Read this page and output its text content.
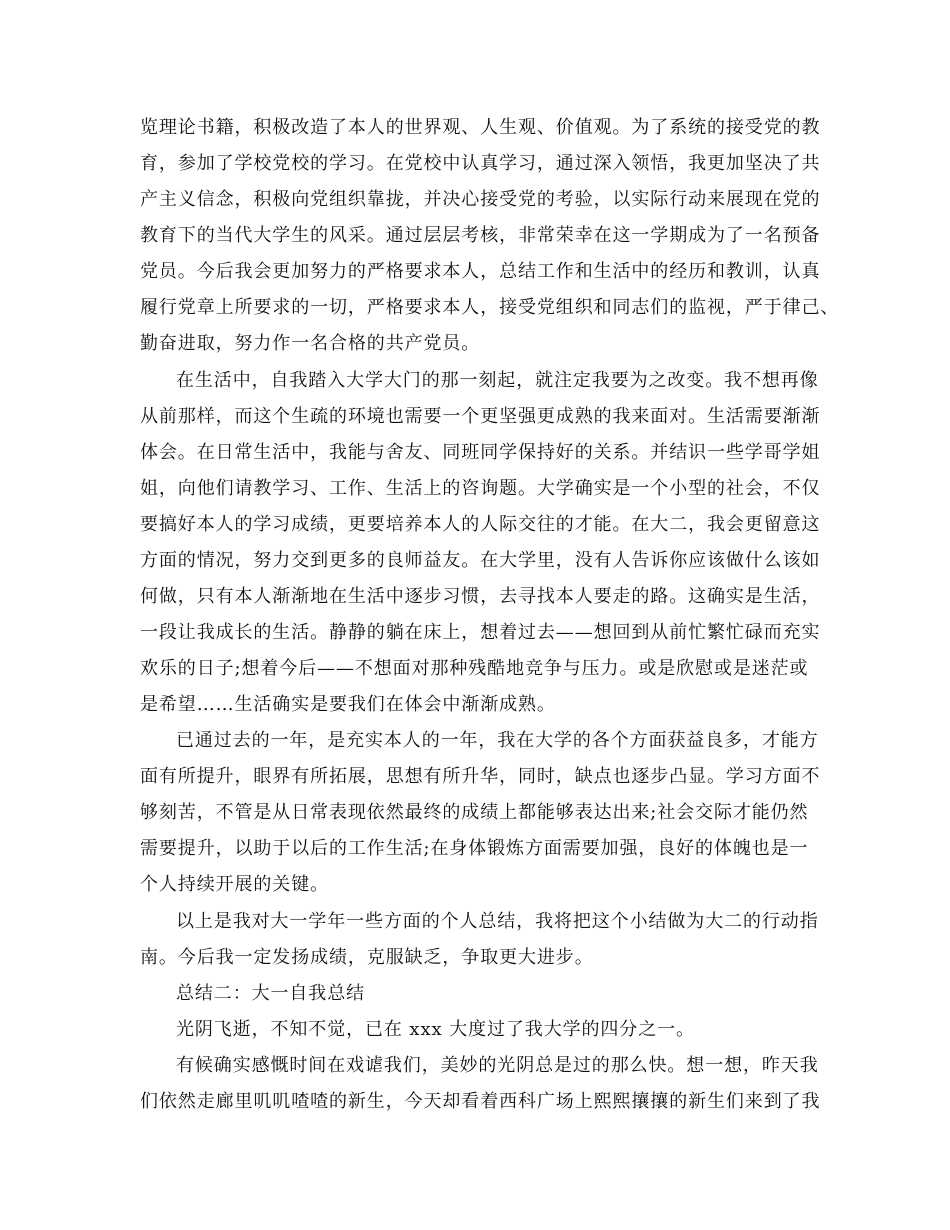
览理论书籍，积极改造了本人的世界观、人生观、价值观。为了系统的接受党的教
育，参加了学校党校的学习。在党校中认真学习，通过深入领悟，我更加坚决了共
产主义信念，积极向党组织靠拢，并决心接受党的考验，以实际行动来展现在党的
教育下的当代大学生的风采。通过层层考核，非常荣幸在这一学期成为了一名预备
党员。今后我会更加努力的严格要求本人，总结工作和生活中的经历和教训，认真
履行党章上所要求的一切，严格要求本人，接受党组织和同志们的监视，严于律己、
勤奋进取，努力作一名合格的共产党员。
在生活中，自我踏入大学大门的那一刻起，就注定我要为之改变。我不想再像
从前那样，而这个生疏的环境也需要一个更坚强更成熟的我来面对。生活需要渐渐
体会。在日常生活中，我能与舍友、同班同学保持好的关系。并结识一些学哥学姐
姐，向他们请教学习、工作、生活上的咨询题。大学确实是一个小型的社会，不仅
要搞好本人的学习成绩，更要培养本人的人际交往的才能。在大二，我会更留意这
方面的情况，努力交到更多的良师益友。在大学里，没有人告诉你应该做什么该如
何做，只有本人渐渐地在生活中逐步习惯，去寻找本人要走的路。这确实是生活，
一段让我成长的生活。静静的躺在床上，想着过去——想回到从前忙繁忙碌而充实
欢乐的日子;想着今后——不想面对那种残酷地竞争与压力。或是欣慰或是迷茫或
是希望……生活确实是要我们在体会中渐渐成熟。
已通过去的一年，是充实本人的一年，我在大学的各个方面获益良多，才能方
面有所提升，眼界有所拓展，思想有所升华，同时，缺点也逐步凸显。学习方面不
够刻苦，不管是从日常表现依然最终的成绩上都能够表达出来;社会交际才能仍然
需要提升，以助于以后的工作生活;在身体锻炼方面需要加强，良好的体魄也是一
个人持续开展的关键。
以上是我对大一学年一些方面的个人总结，我将把这个小结做为大二的行动指
南。今后我一定发扬成绩，克服缺乏，争取更大进步。
总结二：大一自我总结
光阴飞逝，不知不觉，已在 xxx 大度过了我大学的四分之一。
有候确实感慨时间在戏谑我们，美妙的光阴总是过的那么快。想一想，昨天我
们依然走廊里叽叽喳喳的新生，今天却看着西科广场上熙熙攘攘的新生们来到了我
